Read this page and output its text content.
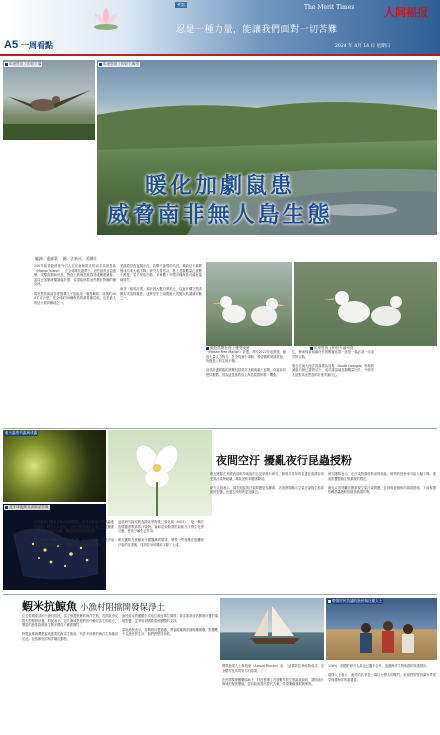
笑話
忍是一種力量，能讓我們面對一切苦難
The Merit Times	人间福报
2024 年 4月 14 日 星期日
A5 一周看點
馬里恩島上的信天翁	馬里恩島上的岩石海岸
暖化加劇鼠患
威脅南非無人島生態
編譯／逢綠葉 　圖／法新社、美聯社
200年前老鼠被意外引入位於南極附近的南非馬里恩島（Marion Island），在全球暖化趨勢下，這些鼠患日益猖獗，攻擊鳥類和幼鳥，對島上的海鳥族群造成嚴重威脅。當局正加緊研擬滅鼠計畫，希望能拯救這些瀕危物種的棲息地。

馬里恩島與南非愛德華王子島組成一個島嶼群，面積約300平方公里，是全球約30種海鳥的重要棲息地，也是最大的信天翁育種地之一。
老鼠經常在夜間出沒，攻擊不會飛的幼鳥，導致信天翁繁殖成功率大幅下降。研究人員估計，島上老鼠數量已達數十萬隻，若不採取行動，未來數十年間多種海鳥可能在當地消失。

南非「鼠患計畫」預計投入數百萬美元，以直升機空投毒餌方式清除鼠患，這將是史上規模最大的無人島滅鼠行動之一。
（Mouse-Free Marion）計畫，將於2027年起實施，動員大量人力物力，在全島灑下毒餌，希望徹底消滅老鼠，恢復島上的生態平衡。

這項計畫面臨的挑戰包括惡劣天候與龐大面積，但當局仍堅持推動，因為這是拯救島上海鳥族群的唯一機會。
位，藝術保育組織所作的數據估算，這是一場必須一次成功的行動。

過去在南大西洋的南喬治亞島（South Georgia）等地的滅鼠行動已證實可行，成功讓當地鳥類數量回升，令研究人員對馬里恩島的計畫充滿信心。
瀕危鳥類在島上遭受威脅	馬里恩島上的信天翁幼鳥
螢火蟲的幼蟲與成蟲
北半球夜間光害衛星影像
夜間空汙 擾亂夜行昆蟲授粉
有些植物只會在傍晚或夜間開花，需要依賴夜行性昆蟲進行授粉。研究人員發現，人造光源造成的光害，已經嚴重干擾這些昆蟲的活動，對生態造成深遠影響。

過去的研究多聚焦在光害的影響，但近期發現，空氣汙染也會改變花朵的氣味，讓夜行昆蟲更難找到花朵。
這項研究探究的夜間化學物質三氧化氮（NO3），是一種在夜間濃度較高的汙染物，會和花朵散發的氣味分子發生化學反應，使其分解失去作用。

研究團隊在實驗室中模擬真實環境，發現一些夜蛾在接觸被汙染的花香後，找到花朵的機率下降了七成。
研究團隊在美國西部乾旱地區的月見草進行研究，發現月見草的花香在夜間容易受到汙染物破壞，導致授粉率顯著降低。

研究人員表示，城市地區的汙染問題更為嚴重，這項發現顯示空氣汙染對生態系統的影響，比過去所知的更加廣泛。
研究團隊表示，在汙染物濃度較高的地區，植物的授粉率可能大幅下降，進而影響整個生態系統的穩定。

研究人員呼籲各國重視空氣汙染問題，並採取更積極的減排措施，才能保護依賴昆蟲授粉的植物與農作物。
蝦米抗鯨魚 小漁村阻擋開發保淨土
位於泰國南部的小漁村居民，為了保護家鄉的海洋生態，長期抗爭反對大型開發計畫。村民表示，這片海域是他們世代賴以為生的地方，豐富的漁業資源與生物多樣性不應被犧牲。

特提克林海灣是當地重要的海洋生態區，有許多珍貴的海洋生物棲息於此，包括瀕危的海洋哺乳動物。
漁民組成的團體多次前往政府單位陳情，要求重新評估開發計畫的環境影響，並爭取到國際環保團體的支持。

當地漁民表示，若開發計畫通過，將會破壞海岸線與珊瑚礁，影響數千名漁民的生計，他們將堅持到底。
帶領村民抗議的漁民與社運人士
國際漁業人士林柏東（Arnold Rincon）說：「這樣的抗爭能夠成功，是全體村民共同努力的結果。」

在民間環保團體協助下，村民整理了長達數年的生態調查資料，證明這片海域的保育價值，並向政府提出替代方案，希望兼顧發展與保育。
126%，兩國的研究人員也已攜手合作，追蹤海洋生物族群的恢復情況。

環保人士表示，漁村的抗爭是一場以小搏大的戰鬥，但他們的堅持讓外界看見保護海洋的重要性。
